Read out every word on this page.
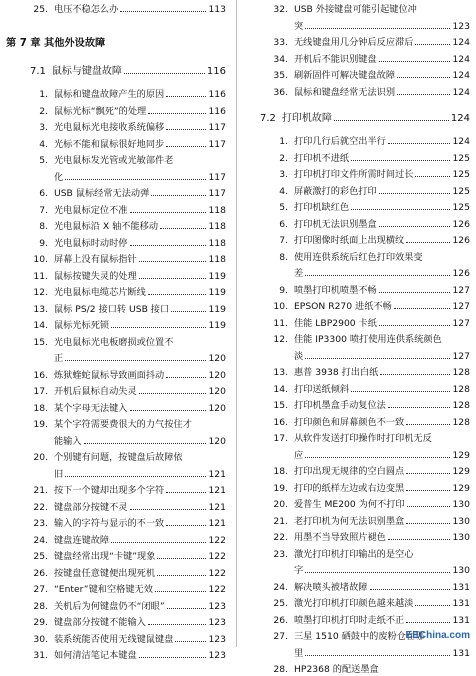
25. 电压不稳怎么办	113
第 7 章 其他外设故障
7.1 鼠标与键盘故障	116
1. 鼠标和键盘故障产生的原因	116
2. 鼠标光标“飘死”的处理	116
3. 光电鼠标光电接收系统偏移	117
4. 光标不能和鼠标很好地同步	117
5. 光电鼠标发光管或光敏部件老
化	117
6. USB 鼠标经常无法动弹	117
7. 光电鼠标定位不准	118
8. 光电鼠标沿 X 轴不能移动	118
9. 光电鼠标时动时停	118
10. 屏幕上没有鼠标指针	118
11. 鼠标按键失灵的处理	119
12. 光电鼠标电缆芯片断线	119
13. 鼠标 PS/2 接口转 USB 接口	119
14. 鼠标光标死锁	119
15. 光电鼠标光电板磨损或位置不
正	120
16. 炼狱蝰蛇鼠标导致画面抖动	120
17. 开机后鼠标自动失灵	120
18. 某个字母无法键入	120
19. 某个字符需要费很大的力气按住才
能输入	120
20. 个别键有问题，按键盘后故障依
旧	121
21. 按下一个键却出现多个字符	121
22. 键盘部分按键不灵	121
23. 输入的字符与显示的不一致	121
24. 键盘连键故障	122
25. 键盘经常出现“卡键”现象	122
26. 按键盘任意键便出现死机	122
27. “Enter”键和空格键无效	122
28. 关机后为何键盘仍不“闭眼”	123
29. 键盘部分按键不能输入	123
30. 装系统能否使用无线键鼠键盘	123
31. 如何清洁笔记本键盘	123
32. USB 外接键盘可能引起键位冲
突	123
33. 无线键盘用几分钟后反应滞后	124
34. 开机后不能识别键盘	124
35. 刷新固件可解决键盘故障	124
36. 鼠标和键盘经常无法识别	124
7.2 打印机故障	124
1. 打印几行后就空出半行	124
2. 打印机不进纸	125
3. 打印机打印文件所需时间过长	125
4. 屏蔽激打的彩色打印	125
5. 打印机缺红色	125
6. 打印机无法识别墨盒	126
7. 打印图像时纸面上出现横纹	126
8. 使用连供系统后红色打印效果变
差	126
9. 喷墨打印机喷墨不畅	127
10. EPSON R270 进纸不畅	127
11. 佳能 LBP2900 卡纸	127
12. 佳能 IP3300 喷打使用连供系统颜色
淡	127
13. 惠普 3938 打出白纸	128
14. 打印送纸倾斜	128
15. 打印机墨盒手动复位法	128
16. 打印颜色和屏幕颜色不一致	128
17. 从软件发送打印操作时打印机无反
应	129
18. 打印出现无规律的空白圆点	129
19. 打印的纸样左边或右边变黑	129
20. 爱普生 ME200 为何不打印	130
21. 老打印机为何无法识别墨盒	130
22. 用墨不当导致照片褪色	130
23. 激光打印机打印输出的是空心
字	130
24. 解决喷头被堵故障	131
25. 激光打印机打印颜色越来越淡	131
26. 喷墨打印机打印时走纸不正	131
27. 三星 1510 硒鼓中的废粉仓在哪
里	131
28. HP2368 的配送墨盒
EEChina.com
